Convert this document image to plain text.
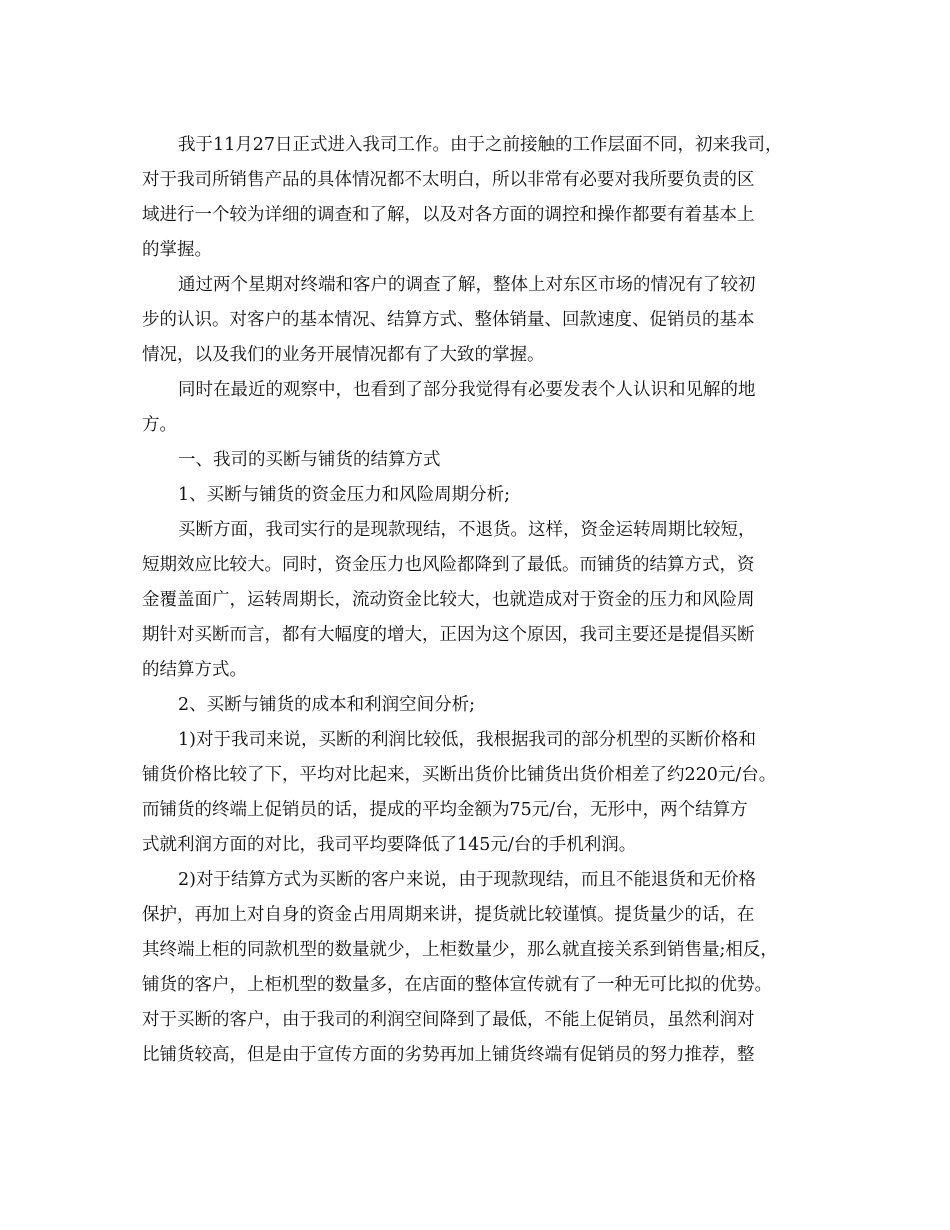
我于11月27日正式进入我司工作。由于之前接触的工作层面不同，初来我司，
对于我司所销售产品的具体情况都不太明白，所以非常有必要对我所要负责的区
域进行一个较为详细的调查和了解，以及对各方面的调控和操作都要有着基本上
的掌握。
通过两个星期对终端和客户的调查了解，整体上对东区市场的情况有了较初
步的认识。对客户的基本情况、结算方式、整体销量、回款速度、促销员的基本
情况，以及我们的业务开展情况都有了大致的掌握。
同时在最近的观察中，也看到了部分我觉得有必要发表个人认识和见解的地
方。
一、我司的买断与铺货的结算方式
1、买断与铺货的资金压力和风险周期分析;
买断方面，我司实行的是现款现结，不退货。这样，资金运转周期比较短，
短期效应比较大。同时，资金压力也风险都降到了最低。而铺货的结算方式，资
金覆盖面广，运转周期长，流动资金比较大，也就造成对于资金的压力和风险周
期针对买断而言，都有大幅度的增大，正因为这个原因，我司主要还是提倡买断
的结算方式。
2、买断与铺货的成本和利润空间分析;
1)对于我司来说，买断的利润比较低，我根据我司的部分机型的买断价格和
铺货价格比较了下，平均对比起来，买断出货价比铺货出货价相差了约220元/台。
而铺货的终端上促销员的话，提成的平均金额为75元/台，无形中，两个结算方
式就利润方面的对比，我司平均要降低了145元/台的手机利润。
2)对于结算方式为买断的客户来说，由于现款现结，而且不能退货和无价格
保护，再加上对自身的资金占用周期来讲，提货就比较谨慎。提货量少的话，在
其终端上柜的同款机型的数量就少，上柜数量少，那么就直接关系到销售量;相反，
铺货的客户，上柜机型的数量多，在店面的整体宣传就有了一种无可比拟的优势。
对于买断的客户，由于我司的利润空间降到了最低，不能上促销员，虽然利润对
比铺货较高，但是由于宣传方面的劣势再加上铺货终端有促销员的努力推荐，整
